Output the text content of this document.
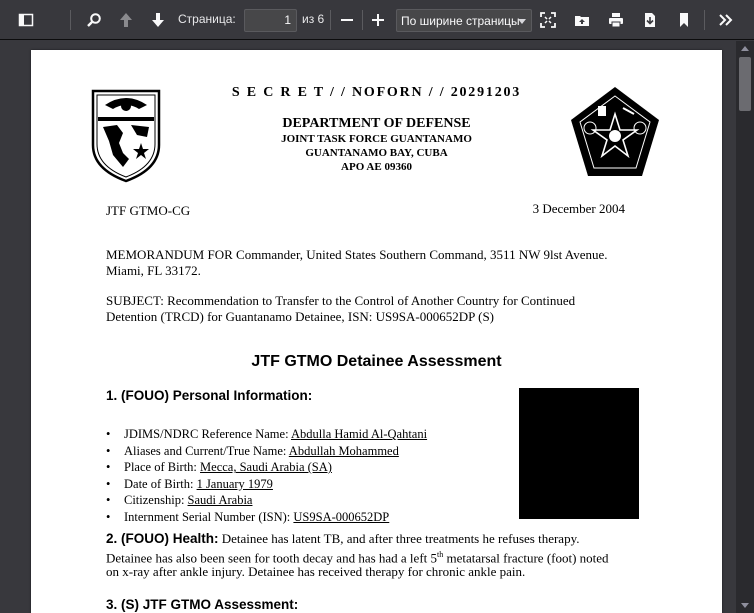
Страница:	1 из 6	По ширине страницы
S E C R E T / / NOFORN / / 20291203
DEPARTMENT OF DEFENSE
JOINT TASK FORCE GUANTANAMO
GUANTANAMO BAY, CUBA
APO AE 09360
JTF GTMO-CG	3 December 2004
MEMORANDUM FOR Commander, United States Southern Command, 3511 NW 9lst Avenue.
Miami, FL 33172.
SUBJECT: Recommendation to Transfer to the Control of Another Country for Continued
Detention (TRCD) for Guantanamo Detainee, ISN: US9SA-000652DP (S)
JTF GTMO Detainee Assessment
1. (FOUO) Personal Information:
• JDIMS/NDRC Reference Name: Abdulla Hamid Al-Qahtani
• Aliases and Current/True Name: Abdullah Mohammed
• Place of Birth: Mecca, Saudi Arabia (SA)
• Date of Birth: 1 January 1979
• Citizenship: Saudi Arabia
• Internment Serial Number (ISN): US9SA-000652DP
2. (FOUO) Health: Detainee has latent TB, and after three treatments he refuses therapy.
Detainee has also been seen for tooth decay and has had a left 5th metatarsal fracture (foot) noted
on x-ray after ankle injury. Detainee has received therapy for chronic ankle pain.
3. (S) JTF GTMO Assessment:
